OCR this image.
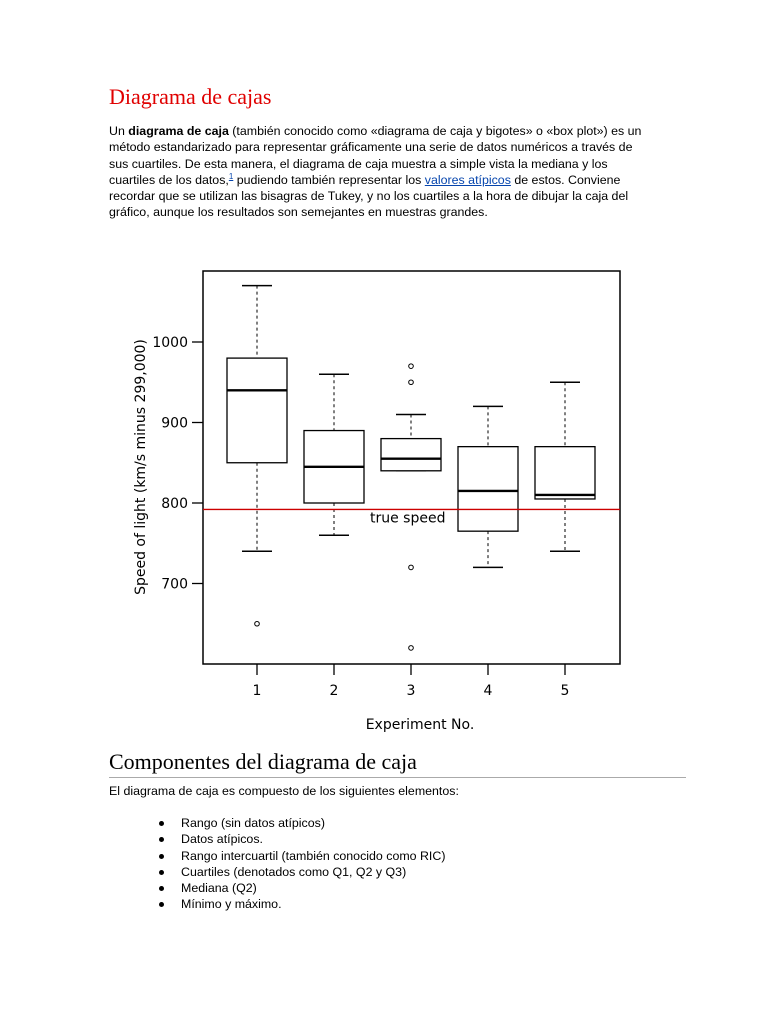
Diagrama de cajas

Un diagrama de caja (también conocido como «diagrama de caja y bigotes» o «box plot») es un método estandarizado para representar gráficamente una serie de datos numéricos a través de sus cuartiles. De esta manera, el diagrama de caja muestra a simple vista la mediana y los cuartiles de los datos,$^1$ pudiendo también representar los valores atípicos de estos. Conviene recordar que se utilizan las bisagras de Tukey, y no los cuartiles a la hora de dibujar la caja del gráfico, aunque los resultados son semejantes en muestras grandes.

700
800
900
1000
1	2	3	4	5
true speed
Speed of light (km/s minus 299,000)
Experiment No.
Componentes del diagrama de caja

El diagrama de caja es compuesto de los siguientes elementos:

Rango (sin datos atípicos)
Datos atípicos.
Rango intercuartil (también conocido como RIC)
Cuartiles (denotados como Q1, Q2 y Q3)
Mediana (Q2)
Mínimo y máximo.
